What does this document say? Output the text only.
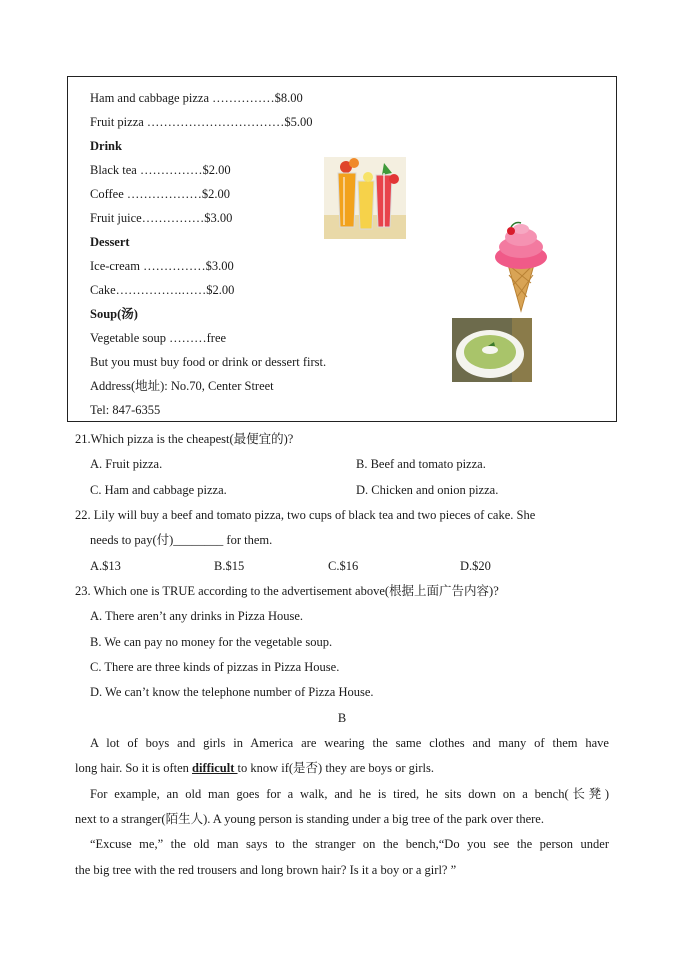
Ham and cabbage pizza ……………$8.00
Fruit pizza ……………………………$5.00
Drink
Black tea ……………$2.00
Coffee ………………$2.00
Fruit juice……………$3.00
Dessert
Ice-cream ……………$3.00
Cake…………….……$2.00
Soup(汤)
Vegetable soup ………free
But you must buy food or drink or dessert first.
Address(地址): No.70, Center Street
Tel: 847-6355
21.Which pizza is the cheapest(最便宜的)?
A. Fruit pizza.	B. Beef and tomato pizza.
C. Ham and cabbage pizza.	D. Chicken and onion pizza.
22. Lily will buy a beef and tomato pizza, two cups of black tea and two pieces of cake. She
needs to pay(付)________ for them.
A.$13	B.$15	C.$16	D.$20
23. Which one is TRUE according to the advertisement above(根据上面广告内容)?
A. There aren’t any drinks in Pizza House.
B. We can pay no money for the vegetable soup.
C. There are three kinds of pizzas in Pizza House.
D. We can’t know the telephone number of Pizza House.
B
A lot of boys and girls in America are wearing the same clothes and many of them have
long hair. So it is often difficult to know if(是否) they are boys or girls.
For example, an old man goes for a walk, and he is tired, he sits down on a bench(长凳)
next to a stranger(陌生人). A young person is standing under a big tree of the park over there.
“Excuse me,” the old man says to the stranger on the bench,“Do you see the person under
the big tree with the red trousers and long brown hair? Is it a boy or a girl? ”
